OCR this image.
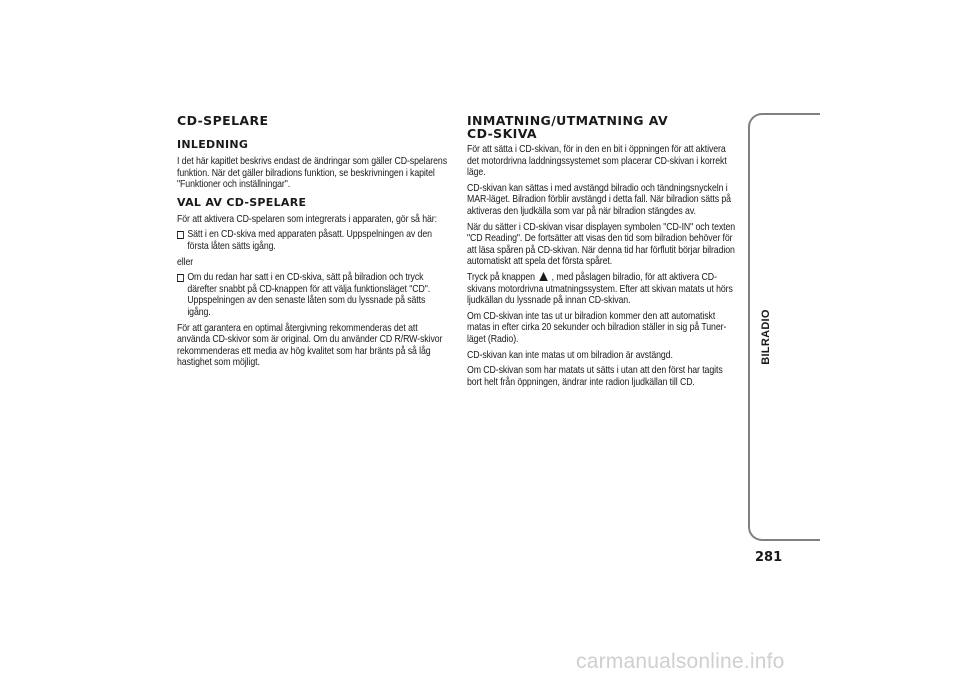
CD-SPELARE
INLEDNING

I det här kapitlet beskrivs endast de ändringar som gäller CD-spelarens funktion. När det gäller bilradions funktion, se beskrivningen i kapitel "Funktioner och inställningar".

VAL AV CD-SPELARE

För att aktivera CD-spelaren som integrerats i apparaten, gör så här:

Sätt i en CD-skiva med apparaten påsatt. Uppspelningen av den första låten sätts igång.

eller

Om du redan har satt i en CD-skiva, sätt på bilradion och tryck därefter snabbt på CD-knappen för att välja funktionsläget "CD". Uppspelningen av den senaste låten som du lyssnade på sätts igång.

För att garantera en optimal återgivning rekommenderas det att använda CD-skivor som är original. Om du använder CD R/RW-skivor rekommenderas ett media av hög kvalitet som har bränts på så låg hastighet som möjligt.

INMATNING/UTMATNING AV
CD-SKIVA

För att sätta i CD-skivan, för in den en bit i öppningen för att aktivera det motordrivna laddningssystemet som placerar CD-skivan i korrekt läge.

CD-skivan kan sättas i med avstängd bilradio och tändningsnyckeln i MAR-läget. Bilradion förblir avstängd i detta fall. När bilradion sätts på aktiveras den ljudkälla som var på när bilradion stängdes av.

När du sätter i CD-skivan visar displayen symbolen "CD-IN" och texten "CD Reading". De fortsätter att visas den tid som bilradion behöver för att läsa spåren på CD-skivan. När denna tid har förflutit börjar bilradion automatiskt att spela det första spåret.

Tryck på knappen , med påslagen bilradio, för att aktivera CD-skivans motordrivna utmatningssystem. Efter att skivan matats ut hörs ljudkällan du lyssnade på innan CD-skivan.

Om CD-skivan inte tas ut ur bilradion kommer den att automatiskt matas in efter cirka 20 sekunder och bilradion ställer in sig på Tuner-läget (Radio).

CD-skivan kan inte matas ut om bilradion är avstängd.

Om CD-skivan som har matats ut sätts i utan att den först har tagits bort helt från öppningen, ändrar inte radion ljudkällan till CD.

BILRADIO
281
carmanualsonline.info
